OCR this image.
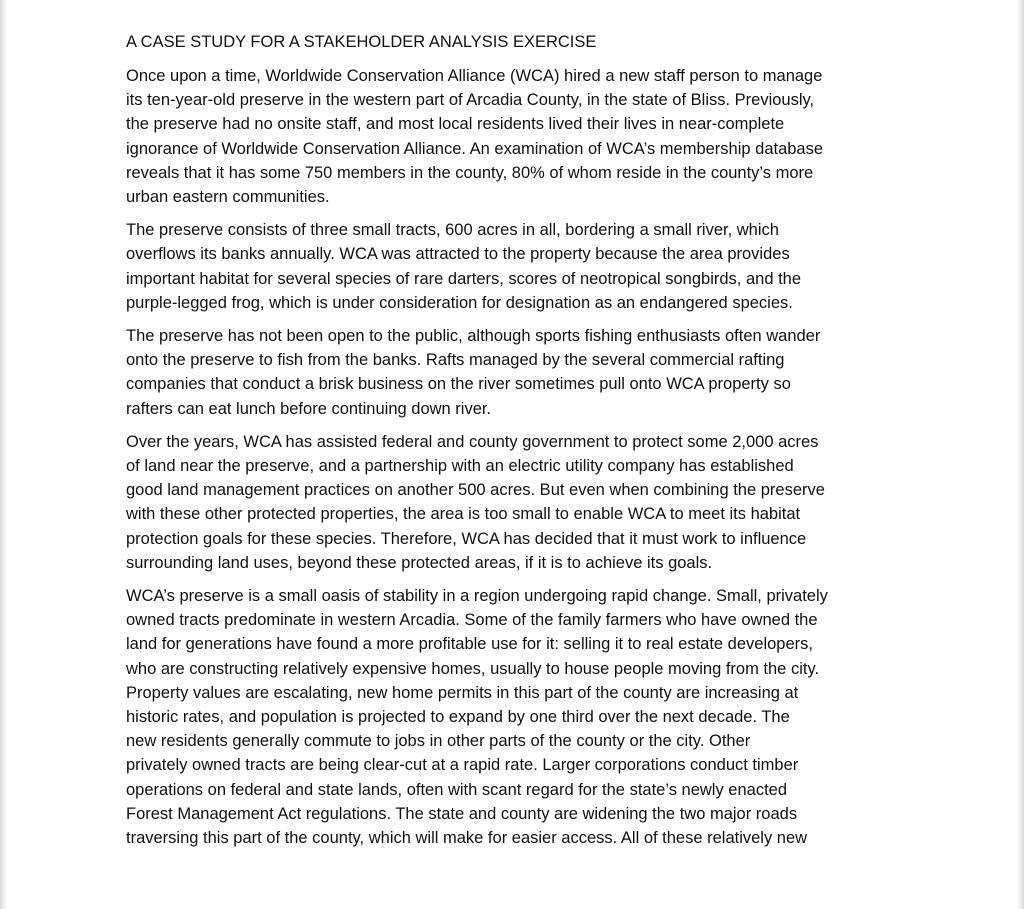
A CASE STUDY FOR A STAKEHOLDER ANALYSIS EXERCISE

Once upon a time, Worldwide Conservation Alliance (WCA) hired a new staff person to manage
its ten-year-old preserve in the western part of Arcadia County, in the state of Bliss. Previously,
the preserve had no onsite staff, and most local residents lived their lives in near-complete
ignorance of Worldwide Conservation Alliance. An examination of WCA’s membership database
reveals that it has some 750 members in the county, 80% of whom reside in the county’s more
urban eastern communities.

The preserve consists of three small tracts, 600 acres in all, bordering a small river, which
overflows its banks annually. WCA was attracted to the property because the area provides
important habitat for several species of rare darters, scores of neotropical songbirds, and the
purple-legged frog, which is under consideration for designation as an endangered species.

The preserve has not been open to the public, although sports fishing enthusiasts often wander
onto the preserve to fish from the banks. Rafts managed by the several commercial rafting
companies that conduct a brisk business on the river sometimes pull onto WCA property so
rafters can eat lunch before continuing down river.

Over the years, WCA has assisted federal and county government to protect some 2,000 acres
of land near the preserve, and a partnership with an electric utility company has established
good land management practices on another 500 acres. But even when combining the preserve
with these other protected properties, the area is too small to enable WCA to meet its habitat
protection goals for these species. Therefore, WCA has decided that it must work to influence
surrounding land uses, beyond these protected areas, if it is to achieve its goals.

WCA’s preserve is a small oasis of stability in a region undergoing rapid change. Small, privately
owned tracts predominate in western Arcadia. Some of the family farmers who have owned the
land for generations have found a more profitable use for it: selling it to real estate developers,
who are constructing relatively expensive homes, usually to house people moving from the city.
Property values are escalating, new home permits in this part of the county are increasing at
historic rates, and population is projected to expand by one third over the next decade. The
new residents generally commute to jobs in other parts of the county or the city. Other
privately owned tracts are being clear-cut at a rapid rate. Larger corporations conduct timber
operations on federal and state lands, often with scant regard for the state’s newly enacted
Forest Management Act regulations. The state and county are widening the two major roads
traversing this part of the county, which will make for easier access. All of these relatively new
